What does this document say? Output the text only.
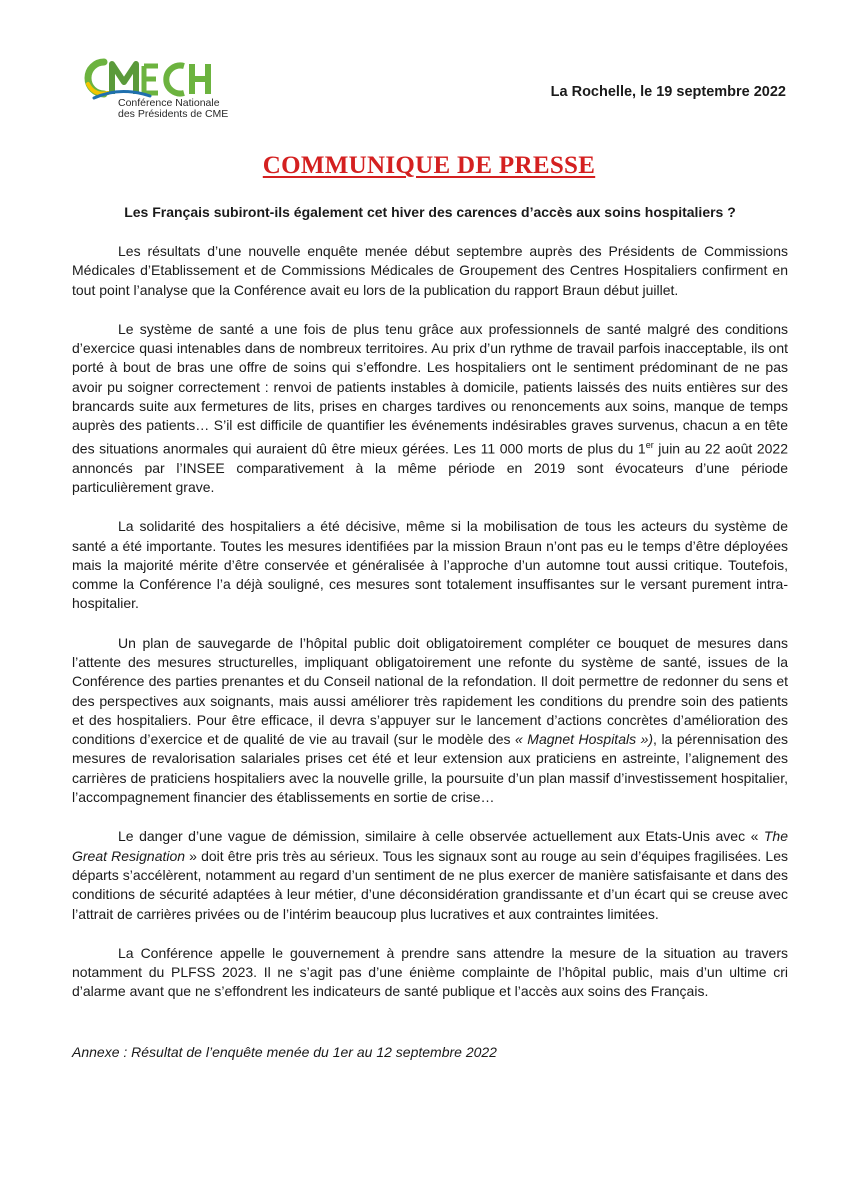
Conférence Nationale
des Présidents de CME
La Rochelle, le 19 septembre 2022
COMMUNIQUE DE PRESSE
Les Français subiront-ils également cet hiver des carences d’accès aux soins hospitaliers ?

Les résultats d’une nouvelle enquête menée début septembre auprès des Présidents de Commissions Médicales d’Etablissement et de Commissions Médicales de Groupement des Centres Hospitaliers confirment en tout point l’analyse que la Conférence avait eu lors de la publication du rapport Braun début juillet.

Le système de santé a une fois de plus tenu grâce aux professionnels de santé malgré des conditions d’exercice quasi intenables dans de nombreux territoires. Au prix d’un rythme de travail parfois inacceptable, ils ont porté à bout de bras une offre de soins qui s’effondre. Les hospitaliers ont le sentiment prédominant de ne pas avoir pu soigner correctement : renvoi de patients instables à domicile, patients laissés des nuits entières sur des brancards suite aux fermetures de lits, prises en charges tardives ou renoncements aux soins, manque de temps auprès des patients… S’il est difficile de quantifier les événements indésirables graves survenus, chacun a en tête des situations anormales qui auraient dû être mieux gérées. Les 11 000 morts de plus du 1er juin au 22 août 2022 annoncés par l’INSEE comparativement à la même période en 2019 sont évocateurs d’une période particulièrement grave.

La solidarité des hospitaliers a été décisive, même si la mobilisation de tous les acteurs du système de santé a été importante. Toutes les mesures identifiées par la mission Braun n’ont pas eu le temps d’être déployées mais la majorité mérite d’être conservée et généralisée à l’approche d’un automne tout aussi critique. Toutefois, comme la Conférence l’a déjà souligné, ces mesures sont totalement insuffisantes sur le versant purement intra-hospitalier.

Un plan de sauvegarde de l’hôpital public doit obligatoirement compléter ce bouquet de mesures dans l’attente des mesures structurelles, impliquant obligatoirement une refonte du système de santé, issues de la Conférence des parties prenantes et du Conseil national de la refondation. Il doit permettre de redonner du sens et des perspectives aux soignants, mais aussi améliorer très rapidement les conditions du prendre soin des patients et des hospitaliers. Pour être efficace, il devra s’appuyer sur le lancement d’actions concrètes d’amélioration des conditions d’exercice et de qualité de vie au travail (sur le modèle des « Magnet Hospitals »), la pérennisation des mesures de revalorisation salariales prises cet été et leur extension aux praticiens en astreinte, l’alignement des carrières de praticiens hospitaliers avec la nouvelle grille, la poursuite d’un plan massif d’investissement hospitalier, l’accompagnement financier des établissements en sortie de crise…

Le danger d’une vague de démission, similaire à celle observée actuellement aux Etats-Unis avec « The Great Resignation » doit être pris très au sérieux. Tous les signaux sont au rouge au sein d’équipes fragilisées. Les départs s’accélèrent, notamment au regard d’un sentiment de ne plus exercer de manière satisfaisante et dans des conditions de sécurité adaptées à leur métier, d’une déconsidération grandissante et d’un écart qui se creuse avec l’attrait de carrières privées ou de l’intérim beaucoup plus lucratives et aux contraintes limitées.

La Conférence appelle le gouvernement à prendre sans attendre la mesure de la situation au travers notamment du PLFSS 2023. Il ne s’agit pas d’une énième complainte de l’hôpital public, mais d’un ultime cri d’alarme avant que ne s’effondrent les indicateurs de santé publique et l’accès aux soins des Français.

Annexe : Résultat de l’enquête menée du 1er au 12 septembre 2022
